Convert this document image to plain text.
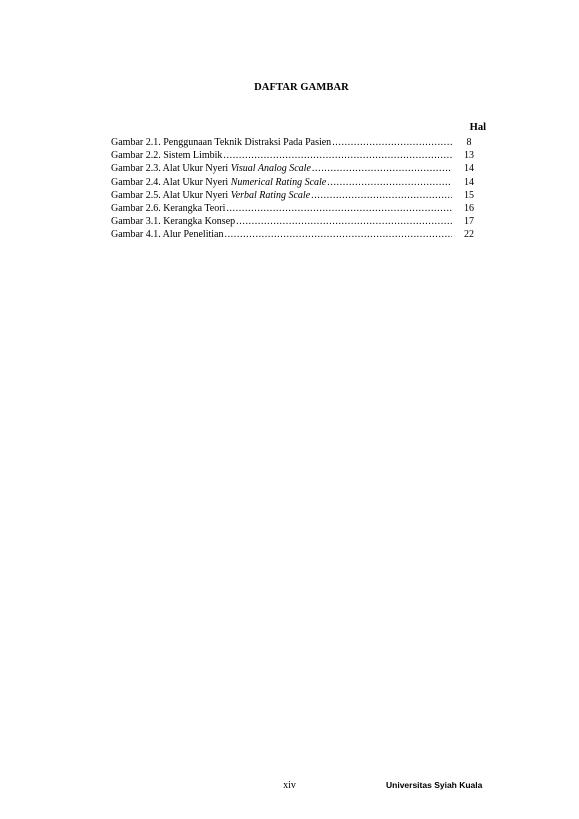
DAFTAR GAMBAR
Hal
Gambar 2.1. Penggunaan Teknik Distraksi Pada Pasien .....	8
Gambar 2.2. Sistem Limbik .....	13
Gambar 2.3. Alat Ukur Nyeri Visual Analog Scale .....	14
Gambar 2.4. Alat Ukur Nyeri Numerical Rating Scale .....	14
Gambar 2.5. Alat Ukur Nyeri Verbal Rating Scale .....	15
Gambar 2.6. Kerangka Teori .....	16
Gambar 3.1. Kerangka Konsep .....	17
Gambar 4.1. Alur Penelitian .....	22
xiv	Universitas Syiah Kuala
